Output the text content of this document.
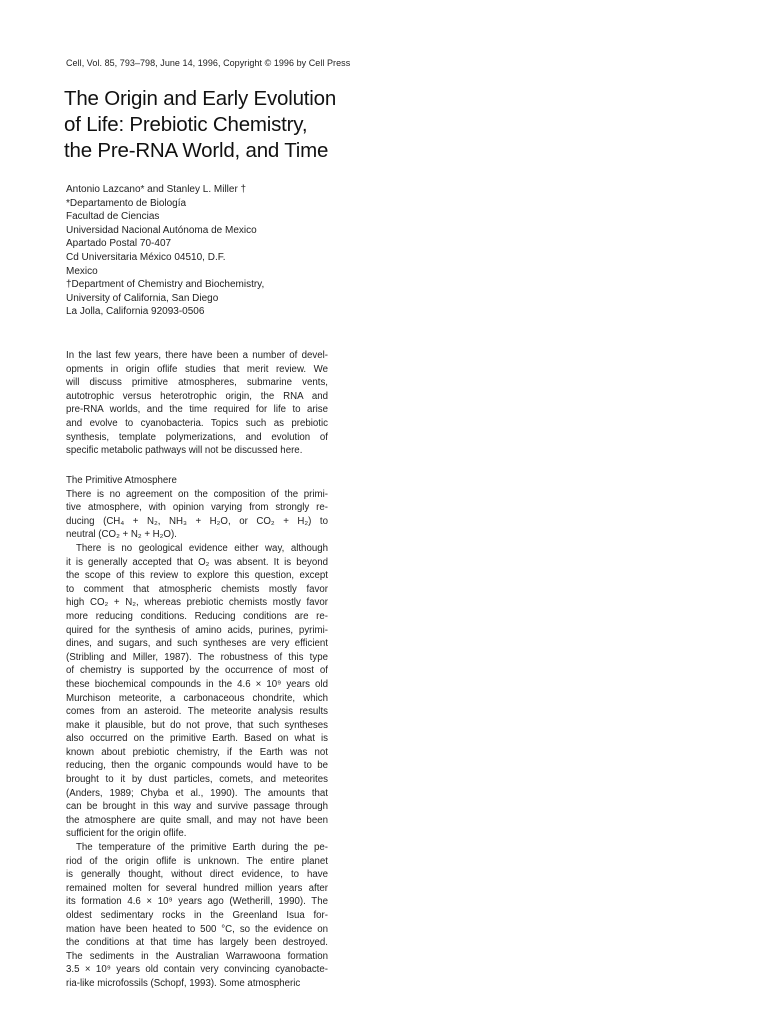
Cell, Vol. 85, 793–798, June 14, 1996, Copyright © 1996 by Cell Press
The Origin and Early Evolution
of Life: Prebiotic Chemistry,
the Pre-RNA World, and Time
Antonio Lazcano* and Stanley L. Miller †
*Departamento de Biología
Facultad de Ciencias
Universidad Nacional Autónoma de Mexico
Apartado Postal 70-407
Cd Universitaria México 04510, D.F.
Mexico
†Department of Chemistry and Biochemistry,
University of California, San Diego
La Jolla, California 92093-0506
In the last few years, there have been a number of devel-
opments in origin oflife studies that merit review. We
will discuss primitive atmospheres, submarine vents,
autotrophic versus heterotrophic origin, the RNA and
pre-RNA worlds, and the time required for life to arise
and evolve to cyanobacteria. Topics such as prebiotic
synthesis, template polymerizations, and evolution of
specific metabolic pathways will not be discussed here.
The Primitive Atmosphere
There is no agreement on the composition of the primi-
tive atmosphere, with opinion varying from strongly re-
ducing (CH₄ + N₂, NH₃ + H₂O, or CO₂ + H₂) to
neutral (CO₂ + N₂ + H₂O).
There is no geological evidence either way, although
it is generally accepted that O₂ was absent. It is beyond
the scope of this review to explore this question, except
to comment that atmospheric chemists mostly favor
high CO₂ + N₂, whereas prebiotic chemists mostly favor
more reducing conditions. Reducing conditions are re-
quired for the synthesis of amino acids, purines, pyrimi-
dines, and sugars, and such syntheses are very efficient
(Stribling and Miller, 1987). The robustness of this type
of chemistry is supported by the occurrence of most of
these biochemical compounds in the 4.6 × 10⁹ years old
Murchison meteorite, a carbonaceous chondrite, which
comes from an asteroid. The meteorite analysis results
make it plausible, but do not prove, that such syntheses
also occurred on the primitive Earth. Based on what is
known about prebiotic chemistry, if the Earth was not
reducing, then the organic compounds would have to be
brought to it by dust particles, comets, and meteorites
(Anders, 1989; Chyba et al., 1990). The amounts that
can be brought in this way and survive passage through
the atmosphere are quite small, and may not have been
sufficient for the origin oflife.
The temperature of the primitive Earth during the pe-
riod of the origin oflife is unknown. The entire planet
is generally thought, without direct evidence, to have
remained molten for several hundred million years after
its formation 4.6 × 10⁹ years ago (Wetherill, 1990). The
oldest sedimentary rocks in the Greenland Isua for-
mation have been heated to 500 °C, so the evidence on
the conditions at that time has largely been destroyed.
The sediments in the Australian Warrawoona formation
3.5 × 10⁹ years old contain very convincing cyanobacte-
ria-like microfossils (Schopf, 1993). Some atmospheric
